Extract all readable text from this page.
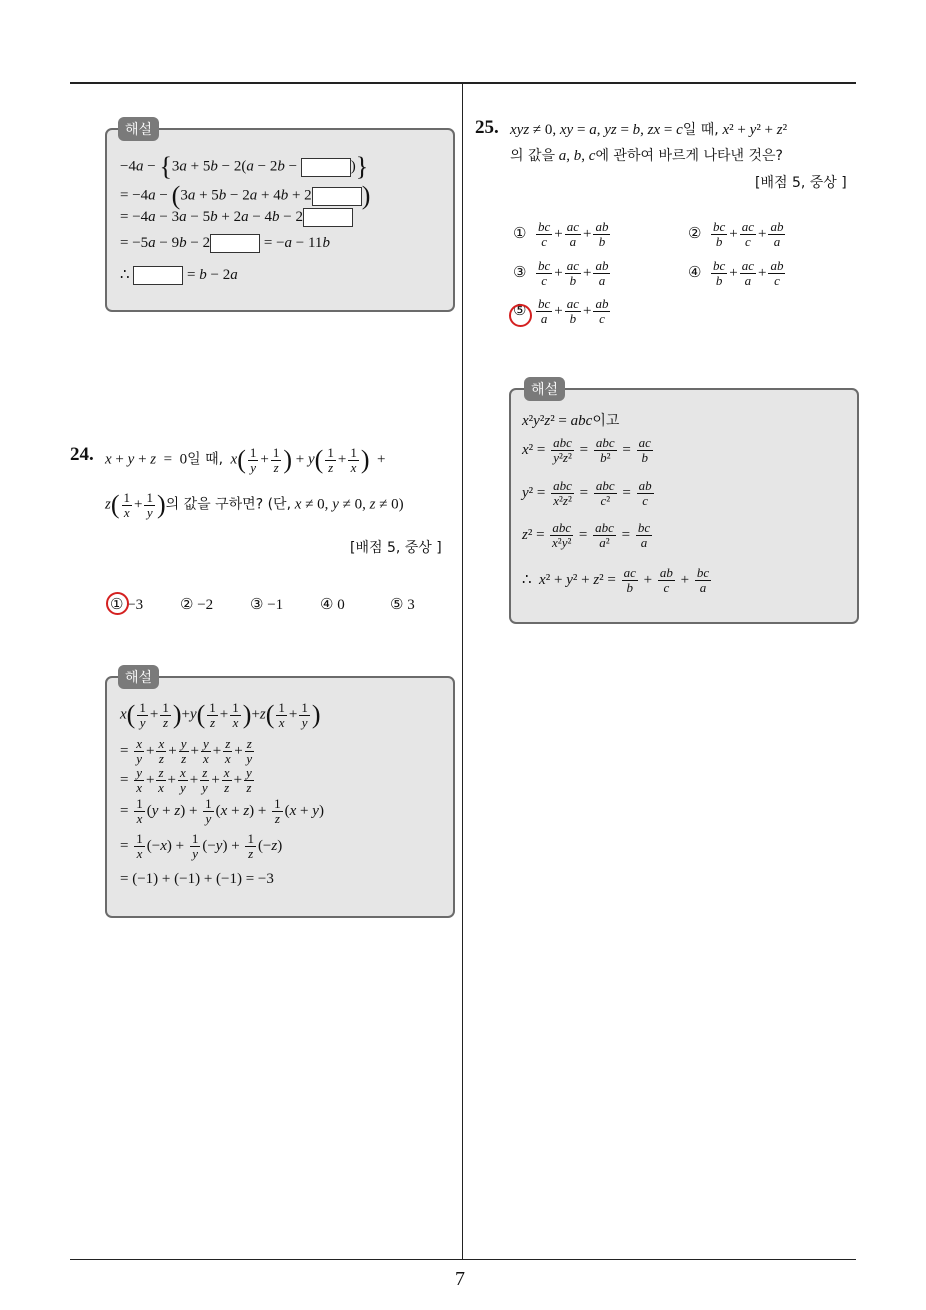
7
해설
−4a − {3a + 5b − 2(a − 2b −	)}
= −4a − (3a + 5b − 2a + 4b + 2 )
= −4a − 3a − 5b + 2a − 4b − 2
= −5a − 9b − 2	= −a − 11b
∴	= b − 2a
24. x + y + z  =  0일 때, $x( \frac{1}{y} + \frac{1}{z}$ ) + $y( \frac{1}{z} + \frac{1}{x}$ )  +
$z( \frac{1}{x} + \frac{1}{y}$ )의 값을 구하면? (단, x ≠ 0, y ≠ 0, z ≠ 0)
[배점 5, 중상 ]
① −3 ② −2 ③ −1 ④ 0	⑤ 3
해설
$x( \frac{1}{y} + \frac{1}{z} )+y( \frac{1}{z} + \frac{1}{x} )+z( \frac{1}{x} + \frac{1}{y}$ )
= $\frac{x}{y} + \frac{x}{z} + \frac{y}{z} + \frac{y}{x} + \frac{z}{x} + \frac{z}{y}$
= $\frac{y}{x} + \frac{z}{x} + \frac{x}{y} + \frac{z}{y} + \frac{x}{z} + \frac{y}{z}$
= $\frac{1}{x} (y + z) + \frac{1}{y} (x + z) + \frac{1}{z} (x + y)$
= $\frac{1}{x} (-x) + \frac{1}{y} (-y) + \frac{1}{z} (-z)$
= (−1) + (−1) + (−1) = −3
25. xyz ≠ 0, xy = a, yz = b, zx = c일 때, x² + y² + z²
의 값을 a, b, c에 관하여 바르게 나타낸 것은?
[배점 5, 중상 ]
① $\frac{bc}{c} + \frac{ac}{a} + \frac{ab}{b}$	② $\frac{bc}{b} + \frac{ac}{c} + \frac{ab}{a}$
③ $\frac{bc}{c} + \frac{ac}{b} + \frac{ab}{a}$	④ $\frac{bc}{b} + \frac{ac}{a} + \frac{ab}{c}$
⑤ $\frac{bc}{a} + \frac{ac}{b} + \frac{ab}{c}$
해설
x²y²z² = abc이고
$x^2 = \frac{\text{abc}}{\text{y²z²}} = \frac{\text{abc}}{\text{b²}} = \frac{ac}{b}$
$y^2 = \frac{\text{abc}}{\text{x²z²}} = \frac{\text{abc}}{\text{c²}} = \frac{ab}{c}$
$z^2 = \frac{\text{abc}}{\text{x²y²}} = \frac{\text{abc}}{\text{a²}} = \frac{bc}{a}$
∴  $x^2 + y^2 + z^2 = \frac{ac}{b} + \frac{ab}{c} + \frac{bc}{a}$
